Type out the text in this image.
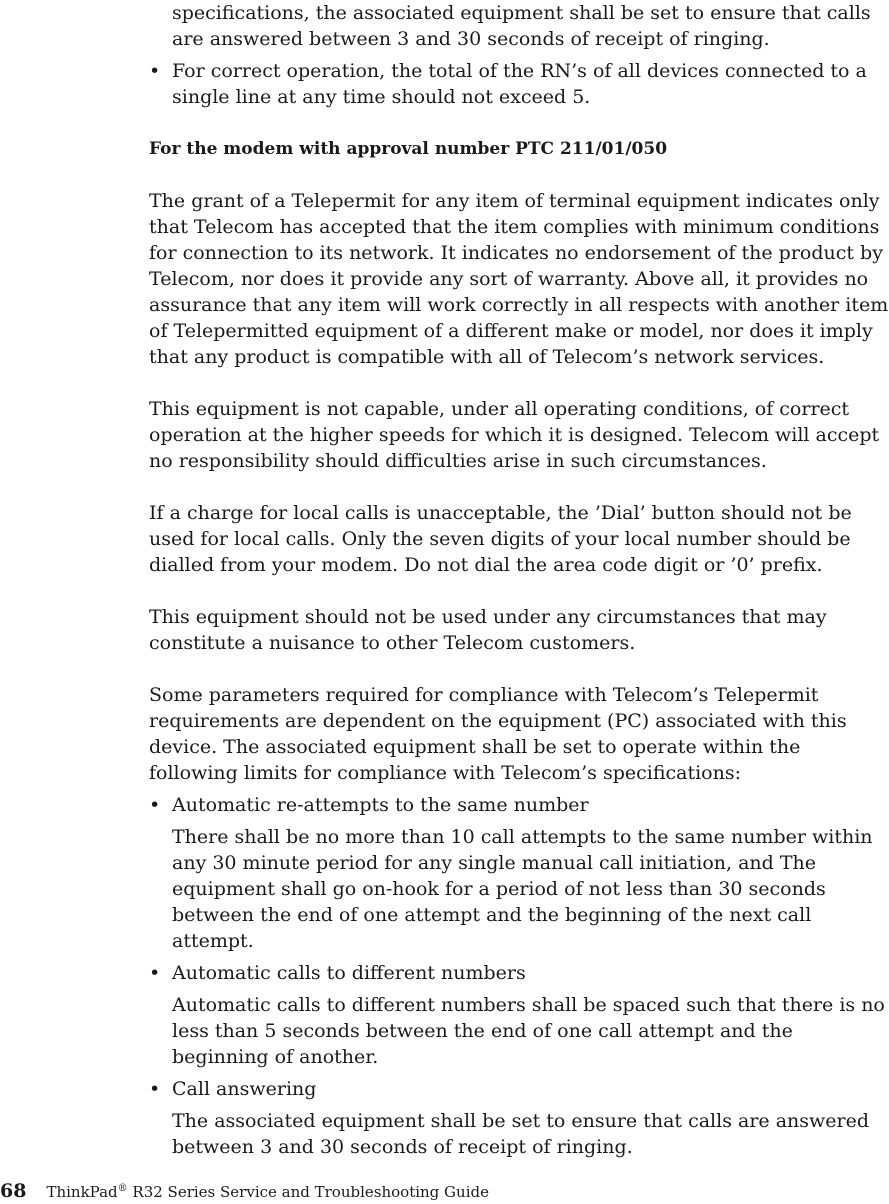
specifications, the associated equipment shall be set to ensure that calls are answered between 3 and 30 seconds of receipt of ringing.

• For correct operation, the total of the RN’s of all devices connected to a single line at any time should not exceed 5.

For the modem with approval number PTC 211/01/050

The grant of a Telepermit for any item of terminal equipment indicates only that Telecom has accepted that the item complies with minimum conditions for connection to its network. It indicates no endorsement of the product by Telecom, nor does it provide any sort of warranty. Above all, it provides no assurance that any item will work correctly in all respects with another item of Telepermitted equipment of a different make or model, nor does it imply that any product is compatible with all of Telecom’s network services.

This equipment is not capable, under all operating conditions, of correct operation at the higher speeds for which it is designed. Telecom will accept no responsibility should difficulties arise in such circumstances.

If a charge for local calls is unacceptable, the ’Dial’ button should not be used for local calls. Only the seven digits of your local number should be dialled from your modem. Do not dial the area code digit or ’0’ prefix.

This equipment should not be used under any circumstances that may constitute a nuisance to other Telecom customers.

Some parameters required for compliance with Telecom’s Telepermit requirements are dependent on the equipment (PC) associated with this device. The associated equipment shall be set to operate within the following limits for compliance with Telecom’s specifications:

• Automatic re-attempts to the same number

There shall be no more than 10 call attempts to the same number within any 30 minute period for any single manual call initiation, and The equipment shall go on-hook for a period of not less than 30 seconds between the end of one attempt and the beginning of the next call attempt.

• Automatic calls to different numbers

Automatic calls to different numbers shall be spaced such that there is no less than 5 seconds between the end of one call attempt and the beginning of another.

• Call answering

The associated equipment shall be set to ensure that calls are answered between 3 and 30 seconds of receipt of ringing.

68 ThinkPad® R32 Series Service and Troubleshooting Guide
